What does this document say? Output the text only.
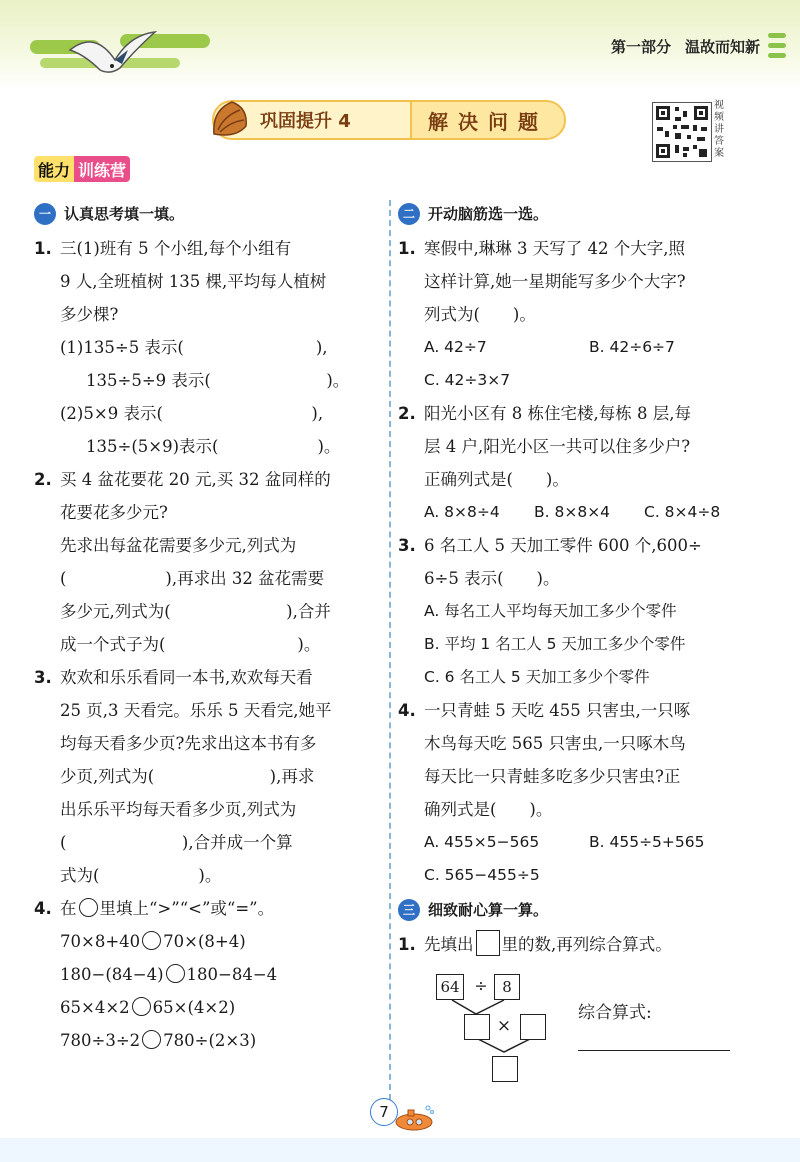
第一部分 温故而知新
巩固提升 4	解决问题
视频讲答案
能力 训练营
一 认真思考填一填。
1. 三(1)班有 5 个小组,每个小组有
9 人,全班植树 135 棵,平均每人植树
多少棵?
(1)135÷5 表示(　　　　　　　　),
135÷5÷9 表示(　　　　　　　)。
(2)5×9 表示(　　　　　　　　　),
135÷(5×9)表示(　　　　　　)。
2. 买 4 盆花要花 20 元,买 32 盆同样的
花要花多少元?
先求出每盆花需要多少元,列式为
(　　　　　　),再求出 32 盆花需要
多少元,列式为(　　　　　　　),合并
成一个式子为(　　　　　　　　)。
3. 欢欢和乐乐看同一本书,欢欢每天看
25 页,3 天看完。乐乐 5 天看完,她平
均每天看多少页?先求出这本书有多
少页,列式为(　　　　　　　),再求
出乐乐平均每天看多少页,列式为
(　　　　　　　),合并成一个算
式为(　　　　　　)。
4. 在 里填上“>”“<”或“=”。
70×8+40 70×(8+4)
180−(84−4) 180−84−4
65×4×2 65×(4×2)
780÷3÷2 780÷(2×3)
二 开动脑筋选一选。
1. 寒假中,琳琳 3 天写了 42 个大字,照
这样计算,她一星期能写多少个大字?
列式为(　　)。
A. 42÷7	B. 42÷6÷7
C. 42÷3×7
2. 阳光小区有 8 栋住宅楼,每栋 8 层,每
层 4 户,阳光小区一共可以住多少户?
正确列式是(　　)。
A. 8×8÷4	B. 8×8×4	C. 8×4÷8
3. 6 名工人 5 天加工零件 600 个,600÷
6÷5 表示(　　)。
A. 每名工人平均每天加工多少个零件
B. 平均 1 名工人 5 天加工多少个零件
C. 6 名工人 5 天加工多少个零件
4. 一只青蛙 5 天吃 455 只害虫,一只啄
木鸟每天吃 565 只害虫,一只啄木鸟
每天比一只青蛙多吃多少只害虫?正
确列式是(　　)。
A. 455×5−565	B. 455÷5+565
C. 565−455÷5
三 细致耐心算一算。
1. 先填出 里的数,再列综合算式。
64 ÷ 8
×
综合算式:
7
